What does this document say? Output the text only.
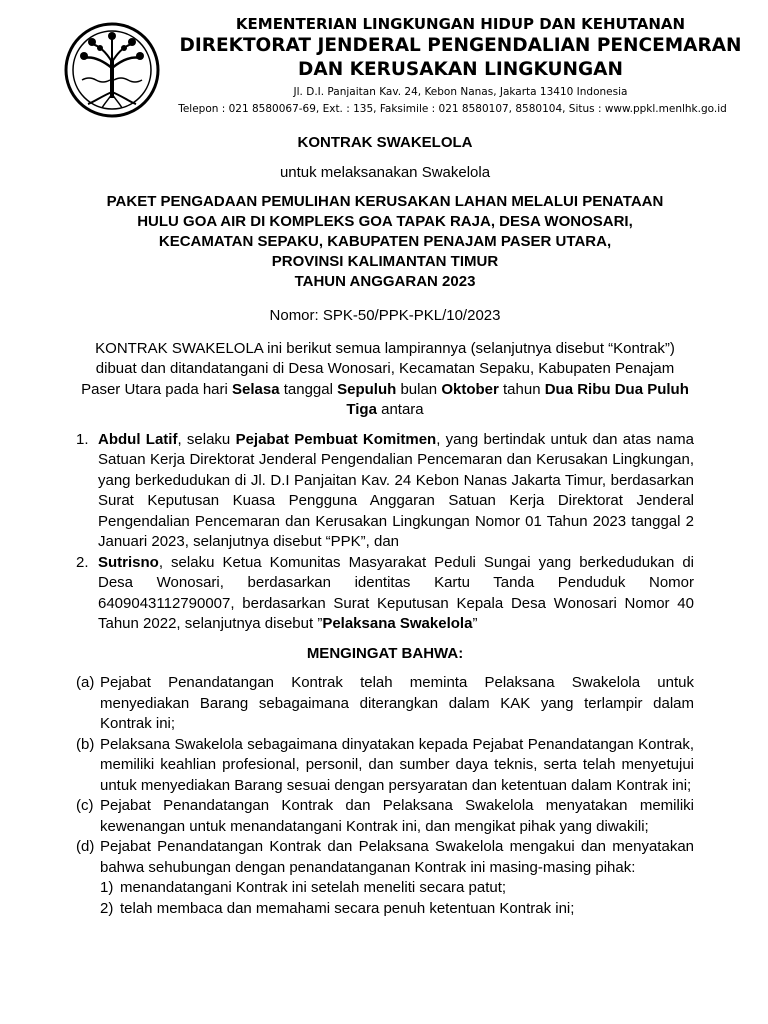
KEMENTERIAN LINGKUNGAN HIDUP DAN KEHUTANAN
DIREKTORAT JENDERAL PENGENDALIAN PENCEMARAN
DAN KERUSAKAN LINGKUNGAN
Jl. D.I. Panjaitan Kav. 24, Kebon Nanas, Jakarta 13410 Indonesia
Telepon : 021 8580067-69, Ext. : 135, Faksimile : 021 8580107, 8580104, Situs : www.ppkl.menlhk.go.id
KONTRAK SWAKELOLA
untuk melaksanakan Swakelola
PAKET PENGADAAN PEMULIHAN KERUSAKAN LAHAN MELALUI PENATAAN
HULU GOA AIR DI KOMPLEKS GOA TAPAK RAJA, DESA WONOSARI,
KECAMATAN SEPAKU, KABUPATEN PENAJAM PASER UTARA,
PROVINSI KALIMANTAN TIMUR
TAHUN ANGGARAN 2023
Nomor: SPK-50/PPK-PKL/10/2023
KONTRAK SWAKELOLA ini berikut semua lampirannya (selanjutnya disebut “Kontrak”) dibuat dan ditandatangani di Desa Wonosari, Kecamatan Sepaku, Kabupaten Penajam Paser Utara pada hari Selasa tanggal Sepuluh bulan Oktober tahun Dua Ribu Dua Puluh Tiga antara
1. Abdul Latif, selaku Pejabat Pembuat Komitmen, yang bertindak untuk dan atas nama Satuan Kerja Direktorat Jenderal Pengendalian Pencemaran dan Kerusakan Lingkungan, yang berkedudukan di Jl. D.I Panjaitan Kav. 24 Kebon Nanas Jakarta Timur, berdasarkan Surat Keputusan Kuasa Pengguna Anggaran Satuan Kerja Direktorat Jenderal Pengendalian Pencemaran dan Kerusakan Lingkungan Nomor 01 Tahun 2023 tanggal 2 Januari 2023, selanjutnya disebut “PPK”, dan
2. Sutrisno, selaku Ketua Komunitas Masyarakat Peduli Sungai yang berkedudukan di Desa Wonosari, berdasarkan identitas Kartu Tanda Penduduk Nomor 6409043112790007, berdasarkan Surat Keputusan Kepala Desa Wonosari Nomor 40 Tahun 2022, selanjutnya disebut ”Pelaksana Swakelola”
MENGINGAT BAHWA:
(a) Pejabat Penandatangan Kontrak telah meminta Pelaksana Swakelola untuk menyediakan Barang sebagaimana diterangkan dalam KAK yang terlampir dalam Kontrak ini;
(b) Pelaksana Swakelola sebagaimana dinyatakan kepada Pejabat Penandatangan Kontrak, memiliki keahlian profesional, personil, dan sumber daya teknis, serta telah menyetujui untuk menyediakan Barang sesuai dengan persyaratan dan ketentuan dalam Kontrak ini;
(c) Pejabat Penandatangan Kontrak dan Pelaksana Swakelola menyatakan memiliki kewenangan untuk menandatangani Kontrak ini, dan mengikat pihak yang diwakili;
(d) Pejabat Penandatangan Kontrak dan Pelaksana Swakelola mengakui dan menyatakan bahwa sehubungan dengan penandatanganan Kontrak ini masing-masing pihak:
1) menandatangani Kontrak ini setelah meneliti secara patut;
2) telah membaca dan memahami secara penuh ketentuan Kontrak ini;
